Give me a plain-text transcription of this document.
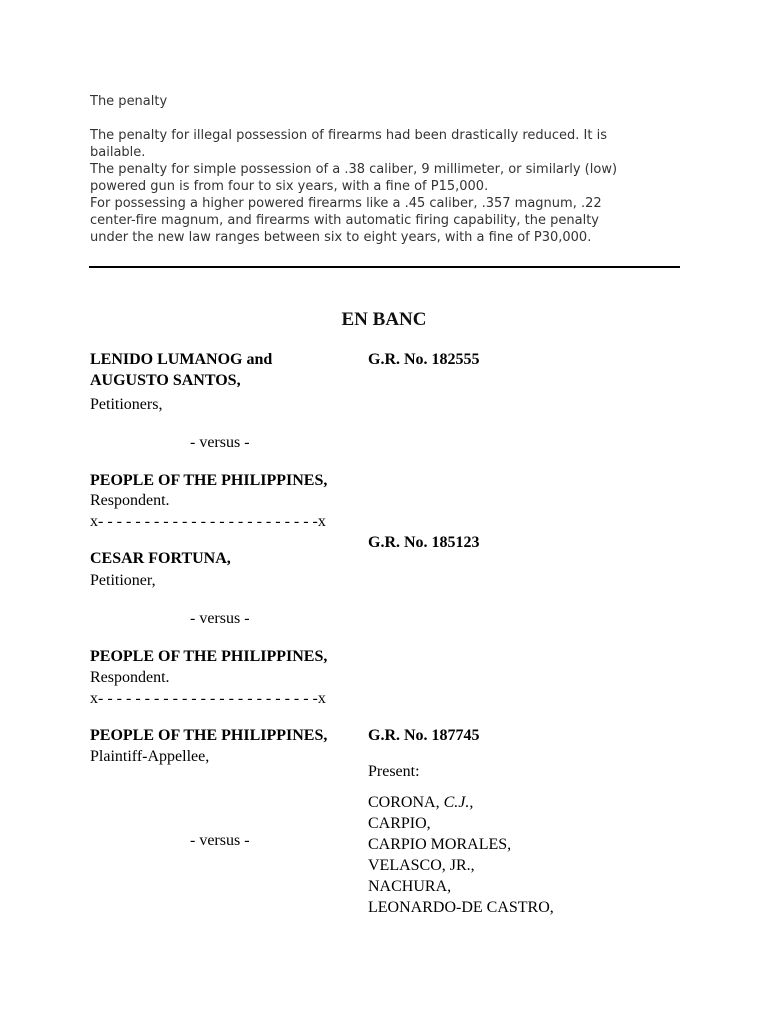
The penalty

The penalty for illegal possession of firearms had been drastically reduced. It is

bailable.

The penalty for simple possession of a .38 caliber, 9 millimeter, or similarly (low)

powered gun is from four to six years, with a fine of P15,000.

For possessing a higher powered firearms like a .45 caliber, .357 magnum, .22

center-fire magnum, and firearms with automatic firing capability, the penalty

under the new law ranges between six to eight years, with a fine of P30,000.

EN BANC
LENIDO LUMANOG and
AUGUSTO SANTOS,
Petitioners,
G.R. No. 182555
- versus -
PEOPLE OF THE PHILIPPINES,
Respondent.
x- - - - - - - - - - - - - - - - - - - - - - - -x
G.R. No. 185123
CESAR FORTUNA,
Petitioner,
- versus -
PEOPLE OF THE PHILIPPINES,
Respondent.
x- - - - - - - - - - - - - - - - - - - - - - - -x
PEOPLE OF THE PHILIPPINES,
Plaintiff-Appellee,
G.R. No. 187745
Present:
CORONA, C.J.,
CARPIO,
CARPIO MORALES,
VELASCO, JR.,
NACHURA,
LEONARDO-DE CASTRO,
- versus -
